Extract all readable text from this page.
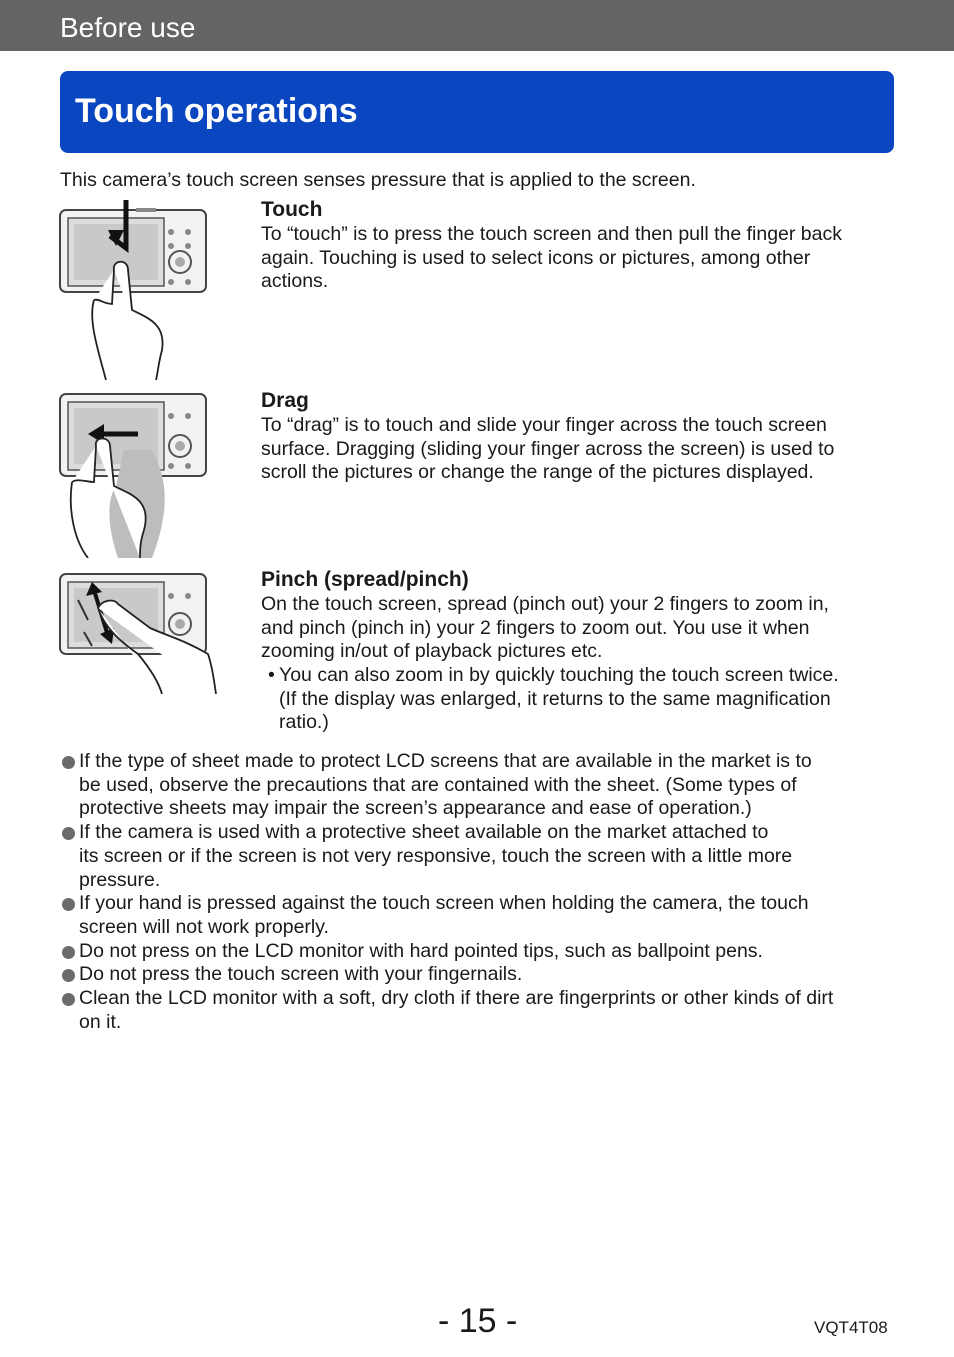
Before use
Touch operations
This camera’s touch screen senses pressure that is applied to the screen.
Touch

To “touch” is to press the touch screen and then pull the finger back
again. Touching is used to select icons or pictures, among other
actions.

Drag

To “drag” is to touch and slide your finger across the touch screen
surface. Dragging (sliding your finger across the screen) is used to
scroll the pictures or change the range of the pictures displayed.

Pinch (spread/pinch)

On the touch screen, spread (pinch out) your 2 fingers to zoom in,
and pinch (pinch in) your 2 fingers to zoom out. You use it when
zooming in/out of playback pictures etc.

• You can also zoom in by quickly touching the touch screen twice.
(If the display was enlarged, it returns to the same magnification
ratio.)
If the type of sheet made to protect LCD screens that are available in the market is to
be used, observe the precautions that are contained with the sheet. (Some types of
protective sheets may impair the screen’s appearance and ease of operation.)
If the camera is used with a protective sheet available on the market attached to
its screen or if the screen is not very responsive, touch the screen with a little more
pressure.
If your hand is pressed against the touch screen when holding the camera, the touch
screen will not work properly.
Do not press on the LCD monitor with hard pointed tips, such as ballpoint pens.
Do not press the touch screen with your fingernails.
Clean the LCD monitor with a soft, dry cloth if there are fingerprints or other kinds of dirt
on it.
- 15 -	VQT4T08
